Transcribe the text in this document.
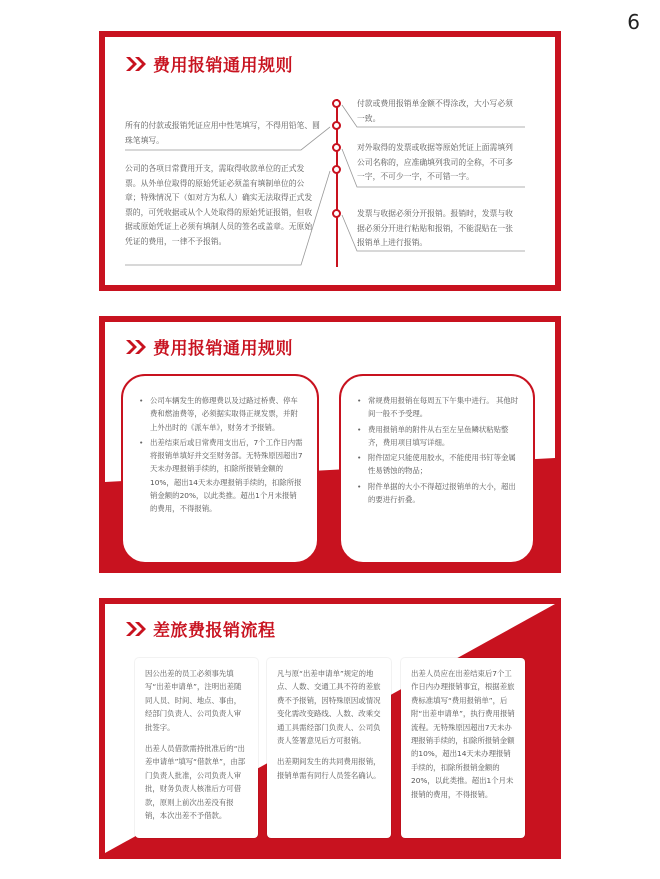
6
费用报销通用规则
所有的付款或报销凭证应用中性笔填写，不得用铅笔、圆珠笔填写。
公司的各项日常費用开支，需取得收款单位的正式发票。从外单位取得的原始凭证必须盖有填制单位的公章；特殊情况下（如对方为私人）确实无法取得正式发票的，可凭收据或从个人处取得的原始凭证报销，但收据或原始凭证上必须有填制人员的签名或盖章。无原始凭证的费用，一律不予报销。
付款或费用报销单金额不得涂改，大小写必须一致。
对外取得的发票或收据等原始凭证上面需填列公司名称的，应准确填列我司的全称，不可多一字，不可少一字，不可错一字。
发票与收据必须分开报销。报销时，发票与收据必须分开进行粘贴和报销，不能混贴在一张报销单上进行报销。
费用报销通用规则
• 公司车辆发生的修理费以及过路过桥费、停车费和燃油费等，必须据实取得正规发票，并附上外出时的《派车单》，财务才予报销。
• 出差结束后或日常费用支出后，7个工作日内需将报销单填好并交至财务部。无特殊原因超出7天未办理报销手续的，扣除所报销金额的10%，超出14天未办理报销手续的，扣除所报销金额的20%，以此类推。超出1个月未报销的费用，不得报销。
• 常规费用报销在每周五下午集中进行。 其他时间一般不予受理。
• 费用报销单的附件从右至左呈鱼鳞状粘贴整齐，费用项目填写详细。
• 附件固定只能使用胶水，不能使用书钉等金属性易锈蚀的物品；
• 附件单据的大小不得超过报销单的大小，超出的要进行折叠。
差旅费报销流程

因公出差的员工必须事先填写“出差申请单”，注明出差随同人员、时间、地点、事由，经部门负责人、公司负责人审批签字。

出差人员借款需持批准后的“出差申请单”填写“借款单”，由部门负责人批准，公司负责人审批，财务负责人核准后方可借款，原则上前次出差没有报销，本次出差不予借款。

凡与原“出差申请单”规定的地点、人数、交通工具不符的差旅费不予报销，因特殊原因或情况变化需改变路线、人数、改乘交通工具需经部门负责人、公司负责人签署意见后方可报销。

出差期间发生的共同费用报销，报销单需有同行人员签名确认。

出差人员应在出差结束后7个工作日内办理报销事宜，根据差旅费标准填写“费用报销单”，后附“出差申请单”，执行费用报销流程。无特殊原因超出7天未办理报销手续的，扣除所报销金额的10%，超出14天未办理报销手续的，扣除所报销金额的20%，以此类推。超出1个月未报销的费用，不得报销。
